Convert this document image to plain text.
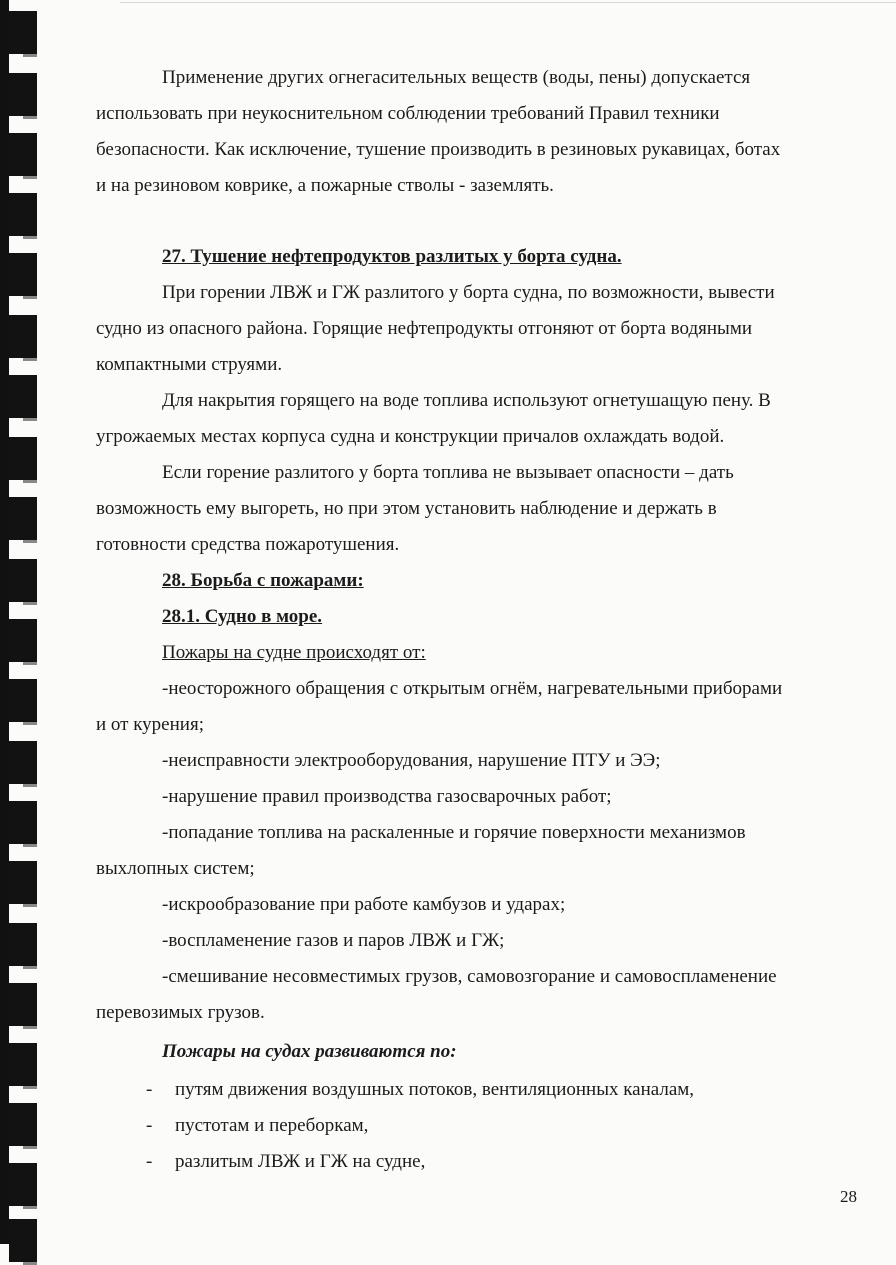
Применение других огнегасительных веществ (воды, пены) допускается

использовать при неукоснительном соблюдении требований Правил техники

безопасности. Как исключение, тушение производить в резиновых рукавицах, ботах

и на резиновом коврике, а пожарные стволы - заземлять.

27. Тушение нефтепродуктов разлитых у борта судна.

При горении ЛВЖ и ГЖ разлитого у борта судна, по возможности, вывести

судно из опасного района. Горящие нефтепродукты отгоняют от борта водяными

компактными струями.

Для накрытия горящего на воде топлива используют огнетушащую пену. В

угрожаемых местах корпуса судна и конструкции причалов охлаждать водой.

Если горение разлитого у борта топлива не вызывает опасности – дать

возможность ему выгореть, но при этом установить наблюдение и держать в

готовности средства пожаротушения.

28. Борьба с пожарами:

28.1. Судно в море.

Пожары на судне происходят от:

-неосторожного обращения с открытым огнём, нагревательными приборами

и от курения;

-неисправности электрооборудования, нарушение ПТУ и ЭЭ;

-нарушение правил производства газосварочных работ;

-попадание топлива на раскаленные и горячие поверхности механизмов

выхлопных систем;

-искрообразование при работе камбузов и ударах;

-воспламенение газов и паров ЛВЖ и ГЖ;

-смешивание несовместимых грузов, самовозгорание и самовоспламенение

перевозимых грузов.

Пожары на судах развиваются по:

- путям движения воздушных потоков, вентиляционных каналам,

- пустотам и переборкам,

- разлитым ЛВЖ и ГЖ на судне,

28
